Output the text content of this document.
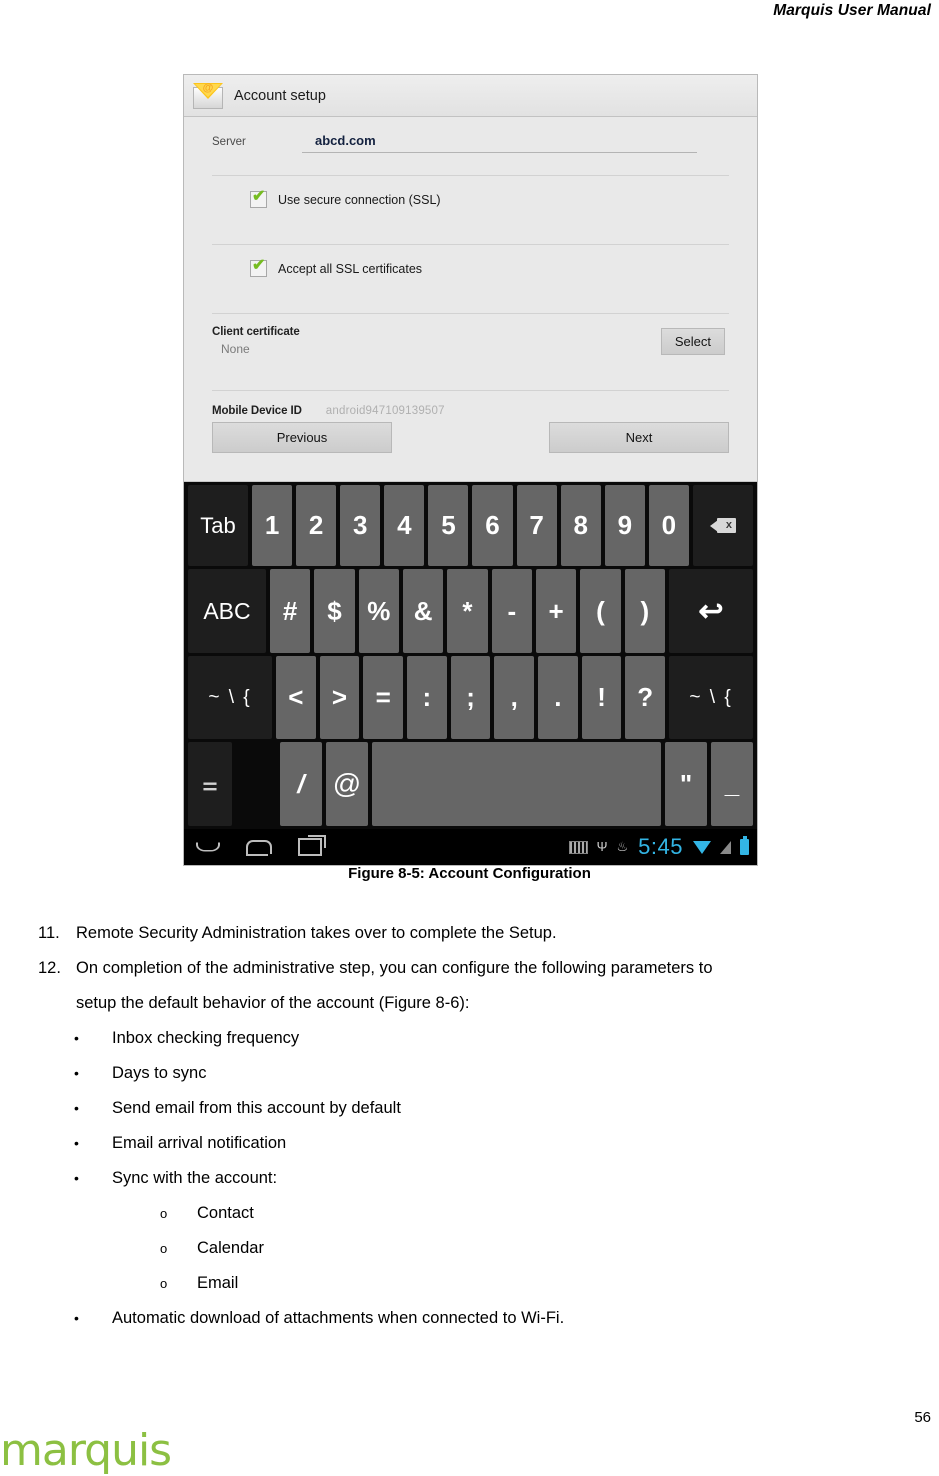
Marquis User Manual
@	Account setup
Server	abcd.com
✔ Use secure connection (SSL)
✔ Accept all SSL certificates
Client certificate
None
Select
Mobile Device ID android947109139507
Previous	Next
Tab	1	2	3	4	5	6	7	8	9	0	x
ABC	#	$ % &	*	-	+	(	)	↩
~ \ {	<	>	=	:	;	,	.	!	?	~ \ {
⚌	/	@	"	_
Ψ ♨ 5:45
Figure 8-5: Account Configuration
11. Remote Security Administration takes over to complete the Setup.
12. On completion of the administrative step, you can configure the following parameters to
setup the default behavior of the account (Figure 8-6):
•	Inbox checking frequency
•	Days to sync
•	Send email from this account by default
•	Email arrival notification
•	Sync with the account:
o	Contact
o	Calendar
o	Email
•	Automatic download of attachments when connected to Wi-Fi.
56
marquis
